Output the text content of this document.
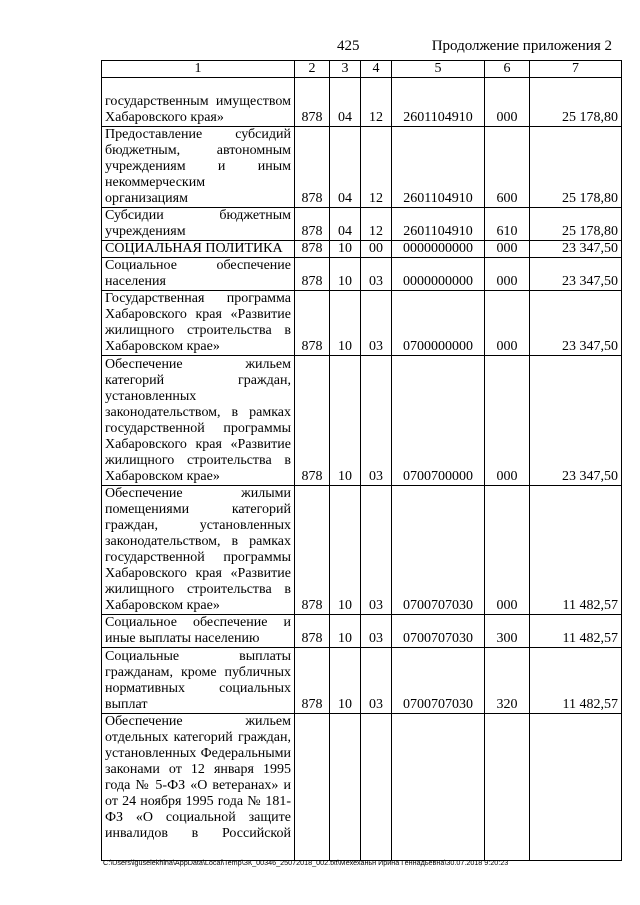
425	Продолжение приложения 2
1	2	3	4	5	6	7
государственным имуществом Хабаровского края»	878	04	12	2601104910	000	25 178,80
Предоставление субсидий бюджетным, автономным учреждениям и иным некоммерческим организациям	878	04	12	2601104910	600	25 178,80
Субсидии бюджетным учреждениям	878	04	12	2601104910	610	25 178,80
СОЦИАЛЬНАЯ ПОЛИТИКА	878	10	00	0000000000	000	23 347,50
Социальное обеспечение населения	878	10	03	0000000000	000	23 347,50
Государственная программа Хабаровского края «Развитие жилищного строительства в Хабаровском крае»	878	10	03	0700000000	000	23 347,50
Обеспечение жильем категорий граждан, установленных законодательством, в рамках государственной программы Хабаровского края «Развитие жилищного строительства в Хабаровском крае»	878	10	03	0700700000	000	23 347,50
Обеспечение жилыми помещениями категорий граждан, установленных законодательством, в рамках государственной программы Хабаровского края «Развитие жилищного строительства в Хабаровском крае»	878	10	03	0700707030	000	11 482,57
Социальное обеспечение и иные выплаты населению	878	10	03	0700707030	300	11 482,57
Социальные выплаты гражданам, кроме публичных нормативных социальных выплат	878	10	03	0700707030	320	11 482,57
Обеспечение жильем отдельных категорий граждан, установленных Федеральными законами от 12 января 1995 года № 5-ФЗ «О ветеранах» и от 24 ноября 1995 года № 181-ФЗ «О социальной защите инвалидов в Российской						
C:\Users\iguselekhina\AppData\Local\Temp\ЗК_00346_25072018_002.txt\Мехеханьн Ирина Геннадьевна\30.07.2018 9:20:23
